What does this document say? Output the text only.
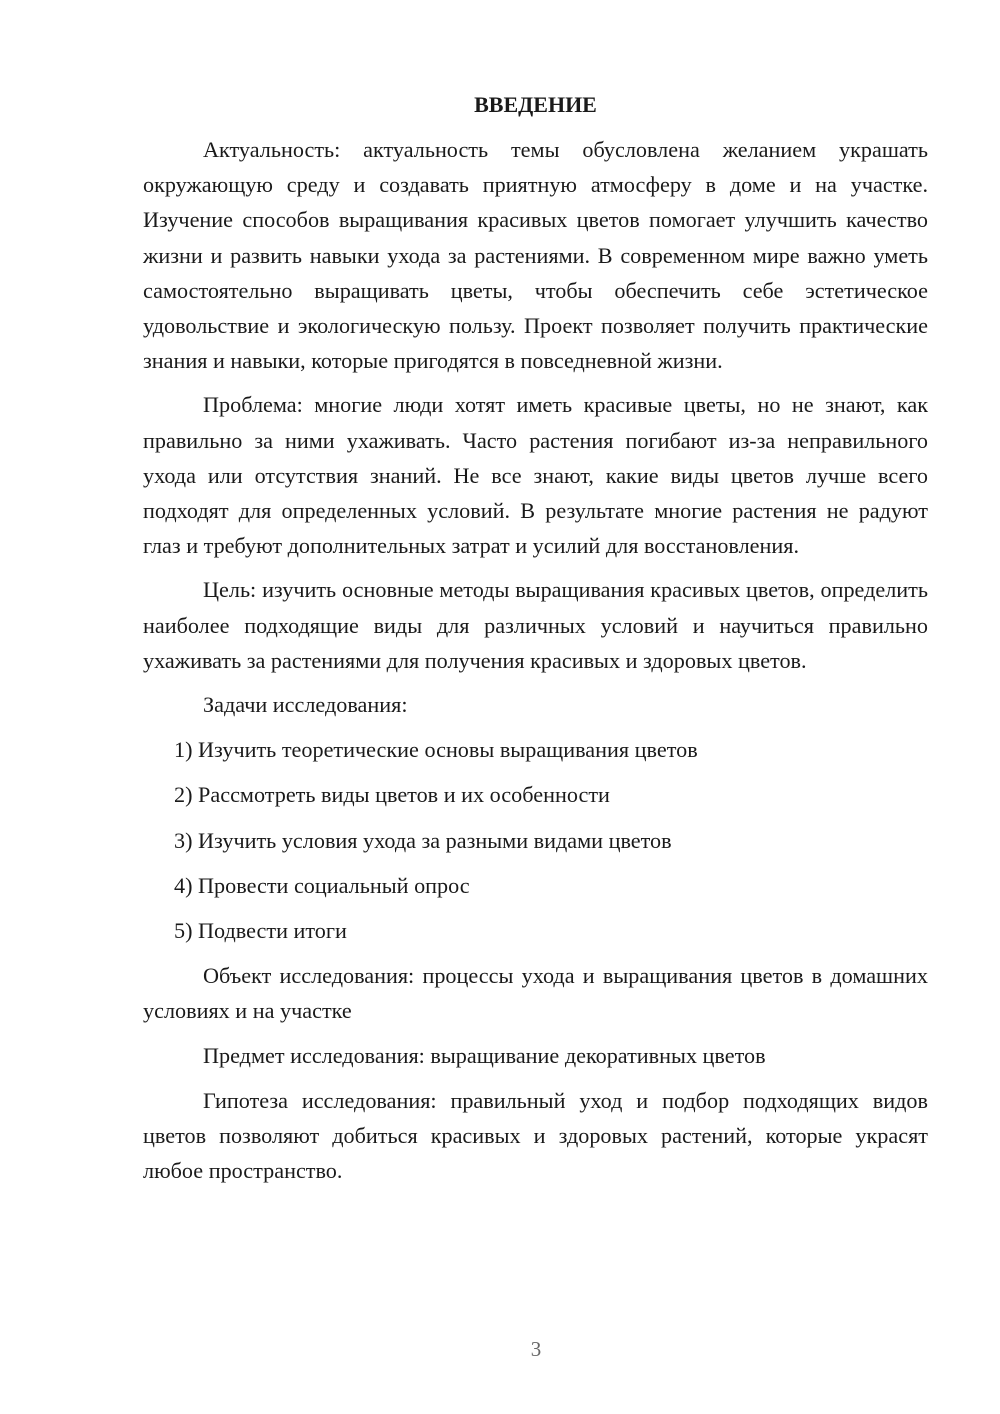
ВВЕДЕНИЕ

Актуальность: актуальность темы обусловлена желанием украшать окружающую среду и создавать приятную атмосферу в доме и на участке. Изучение способов выращивания красивых цветов помогает улучшить качество жизни и развить навыки ухода за растениями. В современном мире важно уметь самостоятельно выращивать цветы, чтобы обеспечить себе эстетическое удовольствие и экологическую пользу. Проект позволяет получить практические знания и навыки, которые пригодятся в повседневной жизни.

Проблема: многие люди хотят иметь красивые цветы, но не знают, как правильно за ними ухаживать. Часто растения погибают из-за неправильного ухода или отсутствия знаний. Не все знают, какие виды цветов лучше всего подходят для определенных условий. В результате многие растения не радуют глаз и требуют дополнительных затрат и усилий для восстановления.

Цель: изучить основные методы выращивания красивых цветов, определить наиболее подходящие виды для различных условий и научиться правильно ухаживать за растениями для получения красивых и здоровых цветов.

Задачи исследования:

1) Изучить теоретические основы выращивания цветов
2) Рассмотреть виды цветов и их особенности
3) Изучить условия ухода за разными видами цветов
4) Провести социальный опрос
5) Подвести итоги

Объект исследования: процессы ухода и выращивания цветов в домашних условиях и на участке

Предмет исследования: выращивание декоративных цветов

Гипотеза исследования: правильный уход и подбор подходящих видов цветов позволяют добиться красивых и здоровых растений, которые украсят любое пространство.

3
